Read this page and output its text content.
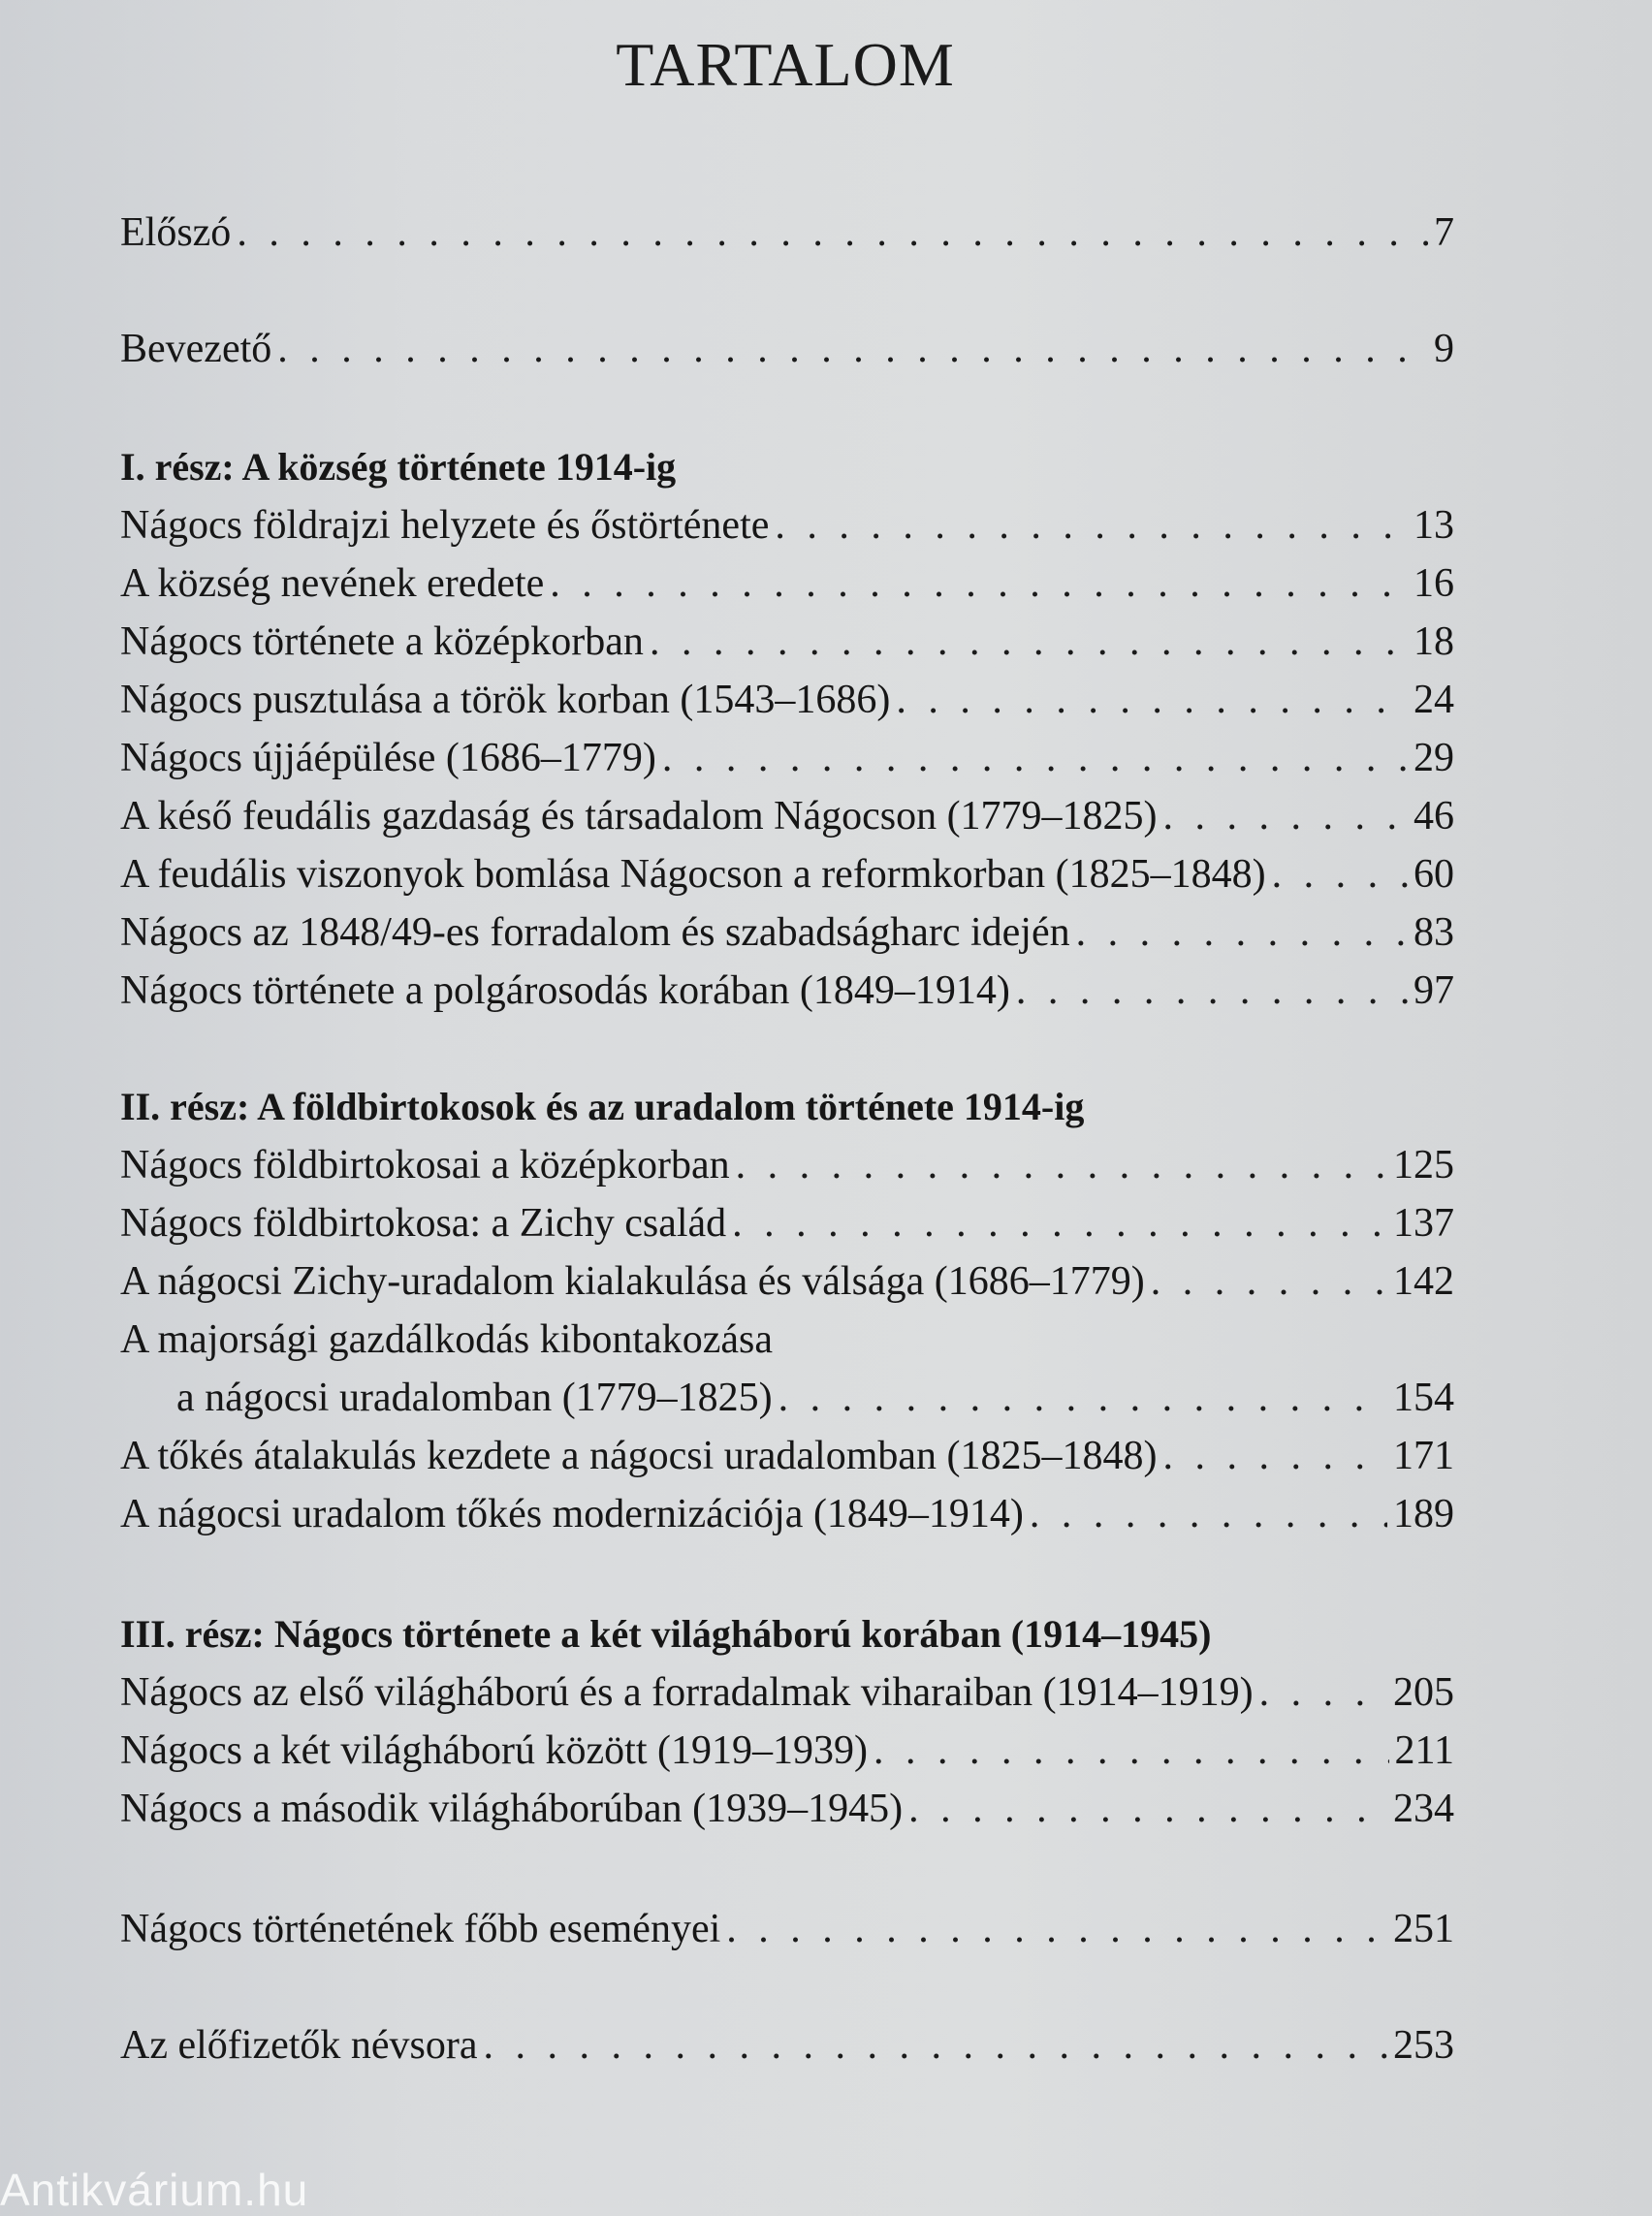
TARTALOM
Előszó . . .	7
Bevezető . . .	9
I. rész: A község története 1914-ig
Nágocs földrajzi helyzete és őstörténete . . .	13
A község nevének eredete . . .	16
Nágocs története a középkorban . . .	18
Nágocs pusztulása a török korban (1543–1686) . . .	24
Nágocs újjáépülése (1686–1779) . . .	29
A késő feudális gazdaság és társadalom Nágocson (1779–1825) . . .	46
A feudális viszonyok bomlása Nágocson a reformkorban (1825–1848) . . .	60
Nágocs az 1848/49-es forradalom és szabadságharc idején . . .	83
Nágocs története a polgárosodás korában (1849–1914) . . .	97
II. rész: A földbirtokosok és az uradalom története 1914-ig
Nágocs földbirtokosai a középkorban . . .	125
Nágocs földbirtokosa: a Zichy család . . .	137
A nágocsi Zichy-uradalom kialakulása és válsága (1686–1779) . . .	142
A majorsági gazdálkodás kibontakozása
a nágocsi uradalomban (1779–1825) . . .	154
A tőkés átalakulás kezdete a nágocsi uradalomban (1825–1848) . . .	171
A nágocsi uradalom tőkés modernizációja (1849–1914) . . .	189
III. rész: Nágocs története a két világháború korában (1914–1945)
Nágocs az első világháború és a forradalmak viharaiban (1914–1919) . . .	205
Nágocs a két világháború között (1919–1939) . . .	211
Nágocs a második világháborúban (1939–1945) . . .	234
Nágocs történetének főbb eseményei . . .	251
Az előfizetők névsora . . .	253
Antikvárium.hu
